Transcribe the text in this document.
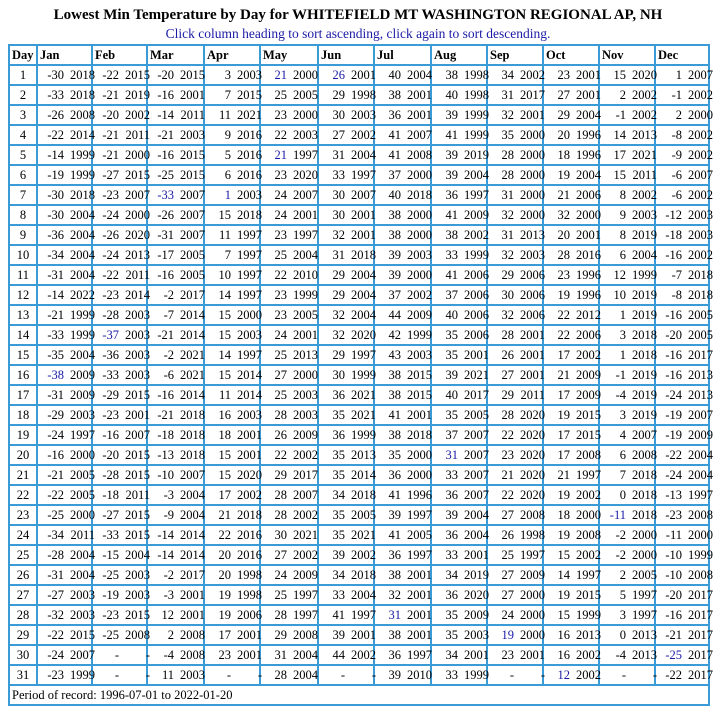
Lowest Min Temperature by Day for WHITEFIELD MT WASHINGTON REGIONAL AP, NH
Click column heading to sort ascending, click again to sort descending.
Day	Jan	Feb	Mar	Apr	May	Jun	Jul	Aug	Sep	Oct	Nov	Dec
1	-30 2018	-22 2015	-20 2015	3 2003	21 2000	26 2001	40 2004	38 1998	34 2002	23 2001	15 2020	1 2007
2	-33 2018	-21 2019	-16 2001	7 2015	25 2005	29 1998	38 2001	40 1998	31 2017	27 2001	2 2002	-1 2002
3	-26 2008	-20 2002	-14 2011	11 2021	23 2000	30 2003	36 2001	39 1999	32 2001	29 2004	-1 2002	2 2000
4	-22 2014	-21 2011	-21 2003	9 2016	22 2003	27 2002	41 2007	41 1999	35 2000	20 1996	14 2013	-8 2002
5	-14 1999	-21 2000	-16 2015	5 2016	21 1997	31 2004	41 2008	39 2019	28 2000	18 1996	17 2021	-9 2002
6	-19 1999	-27 2015	-25 2015	6 2016	23 2020	33 1997	37 2000	39 2004	28 2000	19 2004	15 2011	-6 2007
7	-30 2018	-23 2007	-33 2007	1 2003	24 2007	30 2007	40 2018	36 1997	31 2000	21 2006	8 2002	-6 2002
8	-30 2004	-24 2000	-26 2007	15 2018	24 2001	30 2001	38 2000	41 2009	32 2000	32 2000	9 2003	-12 2003
9	-36 2004	-26 2020	-31 2007	11 1997	23 1997	32 2001	38 2000	38 2002	31 2013	20 2001	8 2019	-18 2003
10	-34 2004	-24 2013	-17 2005	7 1997	25 2004	31 2018	39 2003	33 1999	32 2003	28 2016	6 2004	-16 2002
11	-31 2004	-22 2011	-16 2005	10 1997	22 2010	29 2004	39 2000	41 2006	29 2006	23 1996	12 1999	-7 2018
12	-14 2022	-23 2014	-2 2017	14 1997	23 1999	29 2004	37 2002	37 2006	30 2006	19 1996	10 2019	-8 2018
13	-21 1999	-28 2003	-7 2014	15 2000	23 2005	32 2004	44 2009	40 2006	32 2006	22 2012	1 2019	-16 2005
14	-33 1999	-37 2003	-21 2014	15 2003	24 2001	32 2020	42 1999	35 2006	28 2001	22 2006	3 2018	-20 2005
15	-35 2004	-36 2003	-2 2021	14 1997	25 2013	29 1997	43 2003	35 2001	26 2001	17 2002	1 2018	-16 2017
16	-38 2009	-33 2003	-6 2021	15 2014	27 2000	30 1999	38 2015	39 2021	27 2001	21 2009	-1 2019	-16 2013
17	-31 2009	-29 2015	-16 2014	11 2014	25 2003	36 2021	38 2015	40 2017	29 2011	17 2009	-4 2019	-24 2013
18	-29 2003	-23 2001	-21 2018	16 2003	28 2003	35 2021	41 2001	35 2005	28 2020	19 2015	3 2019	-19 2007
19	-24 1997	-16 2007	-18 2018	18 2001	26 2009	36 1999	38 2018	37 2007	22 2020	17 2015	4 2007	-19 2009
20	-16 2000	-20 2015	-13 2018	15 2001	22 2002	35 2013	35 2000	31 2007	23 2020	17 2008	6 2008	-22 2004
21	-21 2005	-28 2015	-10 2007	15 2020	29 2017	35 2014	36 2000	33 2007	21 2020	21 1997	7 2018	-24 2004
22	-22 2005	-18 2011	-3 2004	17 2002	28 2007	34 2018	41 1996	36 2007	22 2020	19 2002	0 2018	-13 1997
23	-25 2000	-27 2015	-9 2004	21 2018	28 2002	35 2005	39 1997	39 2004	27 2008	18 2000	-11 2018	-23 2008
24	-34 2011	-33 2015	-14 2014	22 2016	30 2021	35 2021	41 2005	36 2004	26 1998	19 2008	-2 2000	-11 2000
25	-28 2004	-15 2004	-14 2014	20 2016	27 2002	39 2002	36 1997	33 2001	25 1997	15 2002	-2 2000	-10 1999
26	-31 2004	-25 2003	-2 2017	20 1998	24 2009	34 2018	38 2001	34 2019	27 2009	14 1997	2 2005	-10 2008
27	-27 2003	-19 2003	-3 2001	19 1998	25 1997	33 2004	32 2001	36 2020	27 2000	19 2015	5 1997	-20 2017
28	-32 2003	-23 2015	12 2001	19 2006	28 1997	41 1997	31 2001	35 2009	24 2000	15 1999	3 1997	-16 2017
29	-22 2015	-25 2008	2 2008	17 2001	29 2008	39 2001	38 2001	35 2003	19 2000	16 2013	0 2013	-21 2017
30	-24 2007	- -	-4 2008	23 2001	31 2004	44 2002	36 1997	34 2001	23 2001	16 2002	-4 2013	-25 2017
31	-23 1999	- -	11 2003	- -	28 2004	- -	39 2010	33 1999	- -	12 2002	- -	-22 2017
Period of record: 1996-07-01 to 2022-01-20												
